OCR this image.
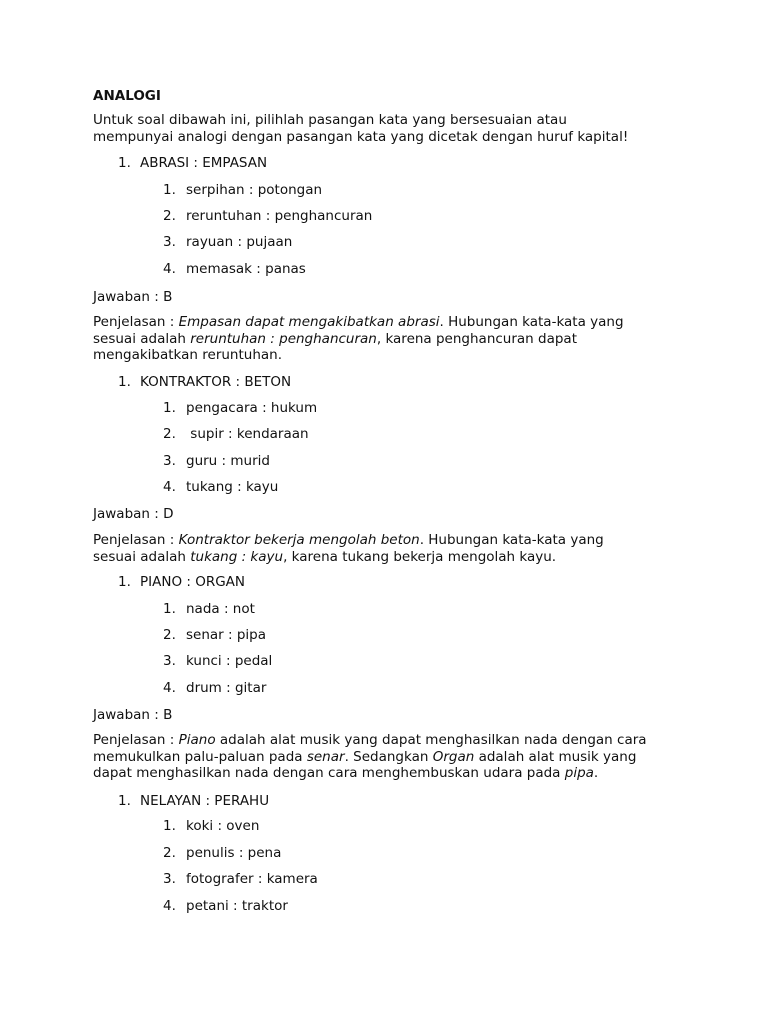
ANALOGI
Untuk soal dibawah ini, pilihlah pasangan kata yang bersesuaian atau
mempunyai analogi dengan pasangan kata yang dicetak dengan huruf kapital!
1. ABRASI : EMPASAN
1. serpihan : potongan
2. reruntuhan : penghancuran
3. rayuan : pujaan
4. memasak : panas
Jawaban : B
Penjelasan : Empasan dapat mengakibatkan abrasi. Hubungan kata-kata yang
sesuai adalah reruntuhan : penghancuran, karena penghancuran dapat
mengakibatkan reruntuhan.
1. KONTRAKTOR : BETON
1. pengacara : hukum
2. supir : kendaraan
3. guru : murid
4. tukang : kayu
Jawaban : D
Penjelasan : Kontraktor bekerja mengolah beton. Hubungan kata-kata yang
sesuai adalah tukang : kayu, karena tukang bekerja mengolah kayu.
1. PIANO : ORGAN
1. nada : not
2. senar : pipa
3. kunci : pedal
4. drum : gitar
Jawaban : B
Penjelasan : Piano adalah alat musik yang dapat menghasilkan nada dengan cara
memukulkan palu-paluan pada senar. Sedangkan Organ adalah alat musik yang
dapat menghasilkan nada dengan cara menghembuskan udara pada pipa.
1. NELAYAN : PERAHU
1. koki : oven
2. penulis : pena
3. fotografer : kamera
4. petani : traktor
